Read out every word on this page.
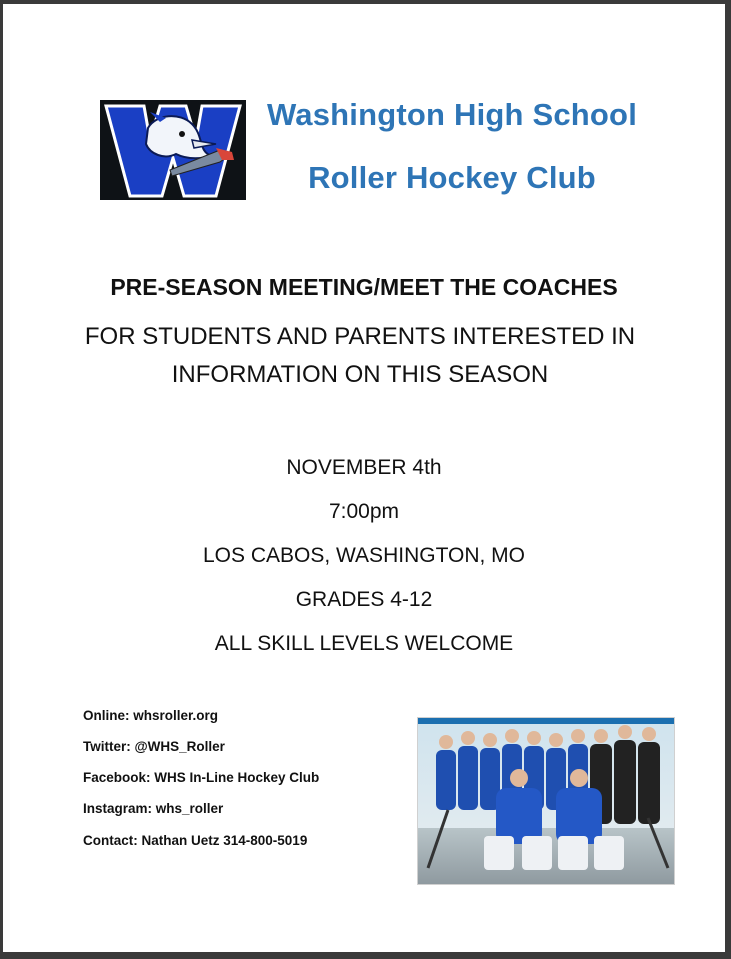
Washington High School
Roller Hockey Club
PRE-SEASON MEETING/MEET THE COACHES
FOR STUDENTS AND PARENTS INTERESTED IN
INFORMATION ON THIS SEASON
NOVEMBER 4th
7:00pm
LOS CABOS, WASHINGTON, MO
GRADES 4-12
ALL SKILL LEVELS WELCOME
Online: whsroller.org
Twitter: @WHS_Roller
Facebook: WHS In-Line Hockey Club
Instagram: whs_roller
Contact: Nathan Uetz 314-800-5019
